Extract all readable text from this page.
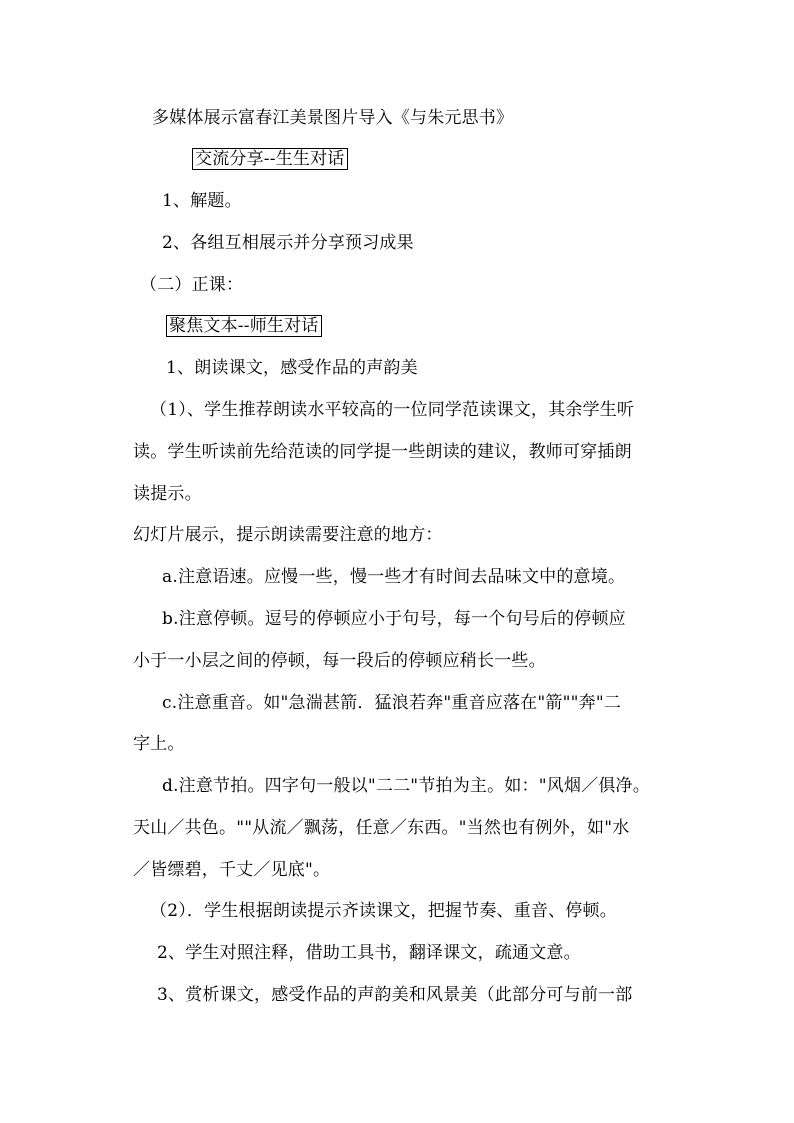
多媒体展示富春江美景图片导入《与朱元思书》
交流分享--生生对话
1、解题。
2、各组互相展示并分享预习成果
（二）正课：
聚焦文本--师生对话
1、朗读课文，感受作品的声韵美
（1）、学生推荐朗读水平较高的一位同学范读课文，其余学生听
读。学生听读前先给范读的同学提一些朗读的建议，教师可穿插朗
读提示。
幻灯片展示，提示朗读需要注意的地方：
a.注意语速。应慢一些，慢一些才有时间去品味文中的意境。
b.注意停顿。逗号的停顿应小于句号，每一个句号后的停顿应
小于一小层之间的停顿，每一段后的停顿应稍长一些。
c.注意重音。如"急湍甚箭．猛浪若奔"重音应落在"箭""奔"二
字上。
d.注意节拍。四字句一般以"二二"节拍为主。如："风烟／俱净。
天山／共色。""从流／飘荡，任意／东西。"当然也有例外，如"水
／皆缥碧，千丈／见底"。
（2）．学生根据朗读提示齐读课文，把握节奏、重音、停顿。
2、学生对照注释，借助工具书，翻译课文，疏通文意。
3、赏析课文，感受作品的声韵美和风景美（此部分可与前一部
